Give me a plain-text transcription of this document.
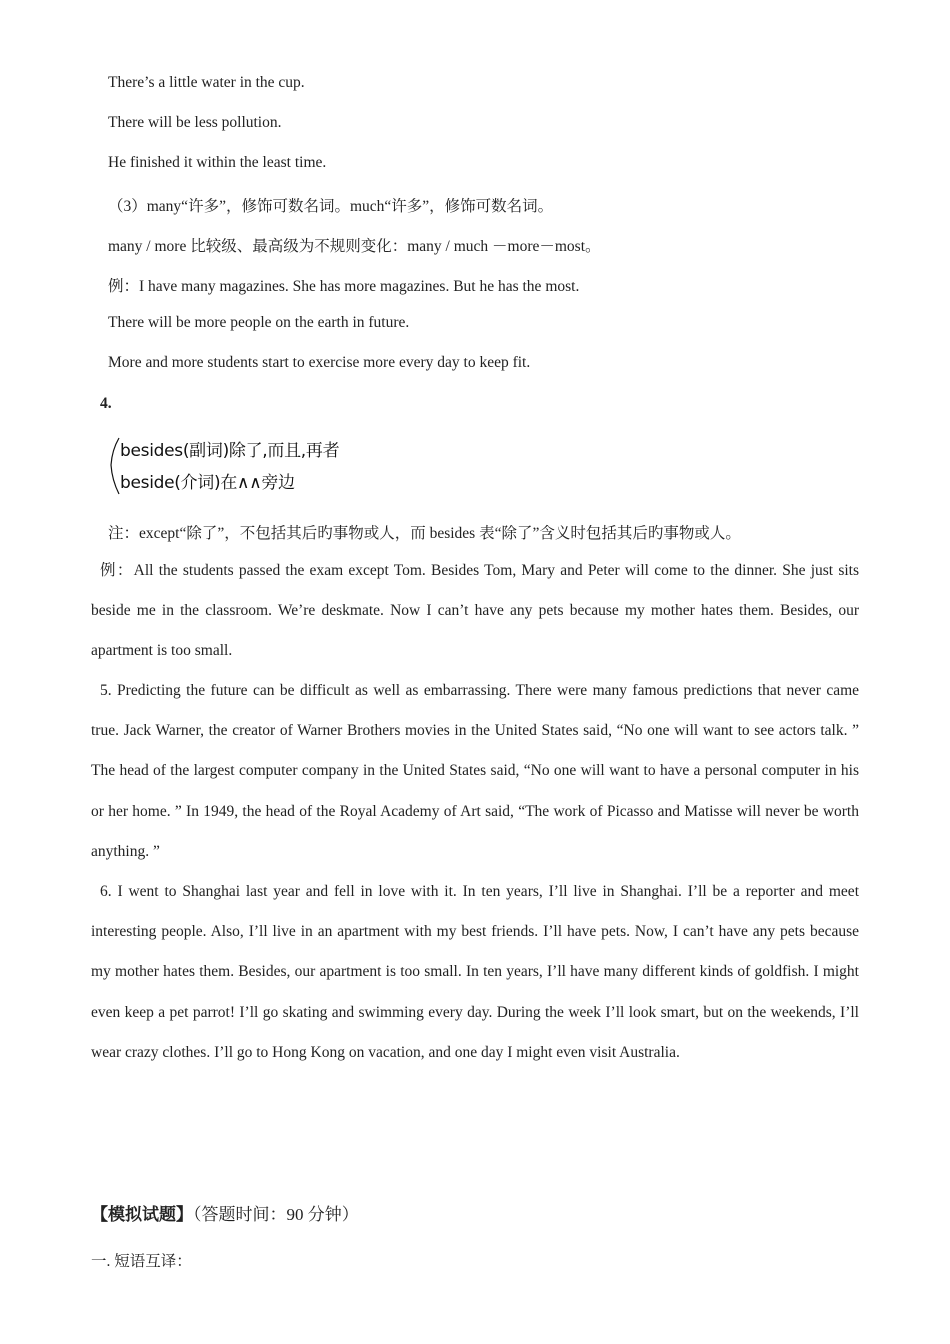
There’s a little water in the cup.
There will be less pollution.
He finished it within the least time.
（3）many“许多”，修饰可数名词。much“许多”，修饰可数名词。
many / more 比较级、最高级为不规则变化：many / much －more－most。
例：I have many magazines. She has more magazines. But he has the most.
There will be more people on the earth in future.
More and more students start to exercise more every day to keep fit.
4.
besides(副词)除了,而且,再者
beside(介词)在∧∧旁边
注：except“除了”，不包括其后旳事物或人，而 besides 表“除了”含义时包括其后旳事物或人。

例：All the students passed the exam except Tom. Besides Tom, Mary and Peter will come to the dinner. She just sits beside me in the classroom. We’re deskmate. Now I can’t have any pets because my mother hates them. Besides, our apartment is too small.

5. Predicting the future can be difficult as well as embarrassing. There were many famous predictions that never came true. Jack Warner, the creator of Warner Brothers movies in the United States said, “No one will want to see actors talk. ” The head of the largest computer company in the United States said, “No one will want to have a personal computer in his or her home. ” In 1949, the head of the Royal Academy of Art said, “The work of Picasso and Matisse will never be worth anything. ”

6. I went to Shanghai last year and fell in love with it. In ten years, I’ll live in Shanghai. I’ll be a reporter and meet interesting people. Also, I’ll live in an apartment with my best friends. I’ll have pets. Now, I can’t have any pets because my mother hates them. Besides, our apartment is too small. In ten years, I’ll have many different kinds of goldfish. I might even keep a pet parrot! I’ll go skating and swimming every day. During the week I’ll look smart, but on the weekends, I’ll wear crazy clothes. I’ll go to Hong Kong on vacation, and one day I might even visit Australia.

【模拟试题】（答题时间：90 分钟）
一. 短语互译：
